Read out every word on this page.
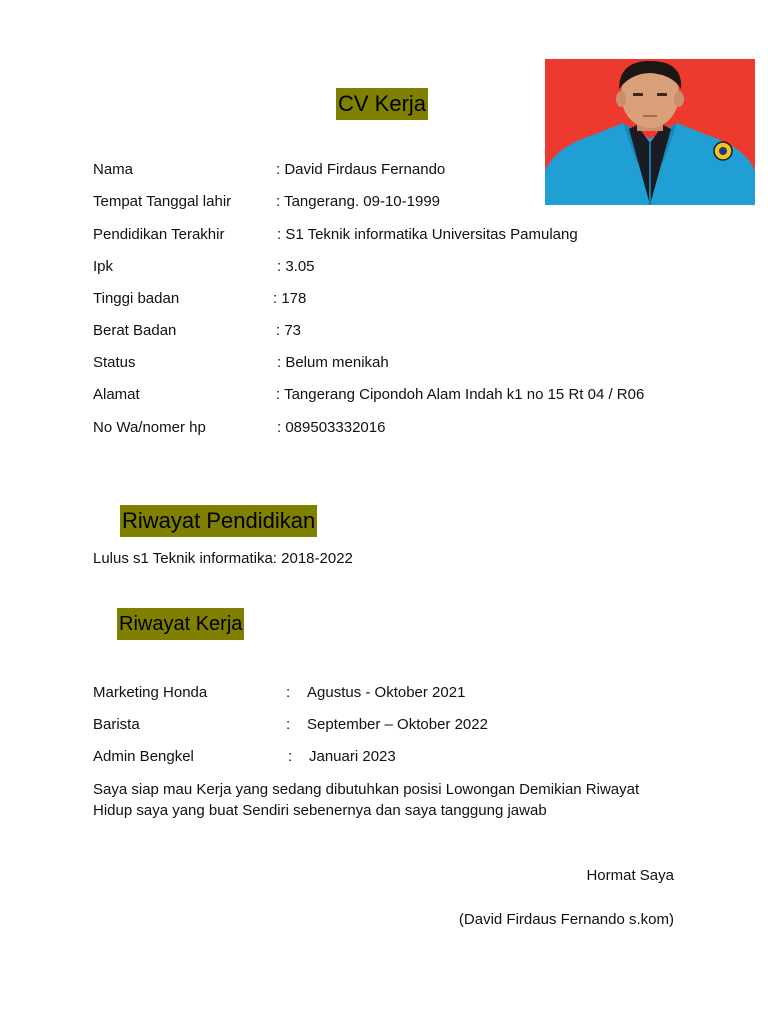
CV Kerja
Nama	: David Firdaus Fernando
Tempat Tanggal lahir	: Tangerang. 09-10-1999
Pendidikan Terakhir	: S1 Teknik informatika Universitas Pamulang
Ipk	: 3.05
Tinggi badan	: 178
Berat Badan	: 73
Status	: Belum menikah
Alamat	: Tangerang Cipondoh Alam Indah k1 no 15 Rt 04 / R06
No Wa/nomer hp	: 089503332016
Riwayat Pendidikan
Lulus s1 Teknik informatika: 2018-2022
Riwayat Kerja
Marketing Honda	: Agustus - Oktober 2021
Barista	: September – Oktober 2022
Admin Bengkel	: Januari 2023
Saya siap mau Kerja yang sedang dibutuhkan posisi Lowongan Demikian Riwayat Hidup saya yang buat Sendiri sebenernya dan saya tanggung jawab
Hormat Saya
(David Firdaus Fernando s.kom)
